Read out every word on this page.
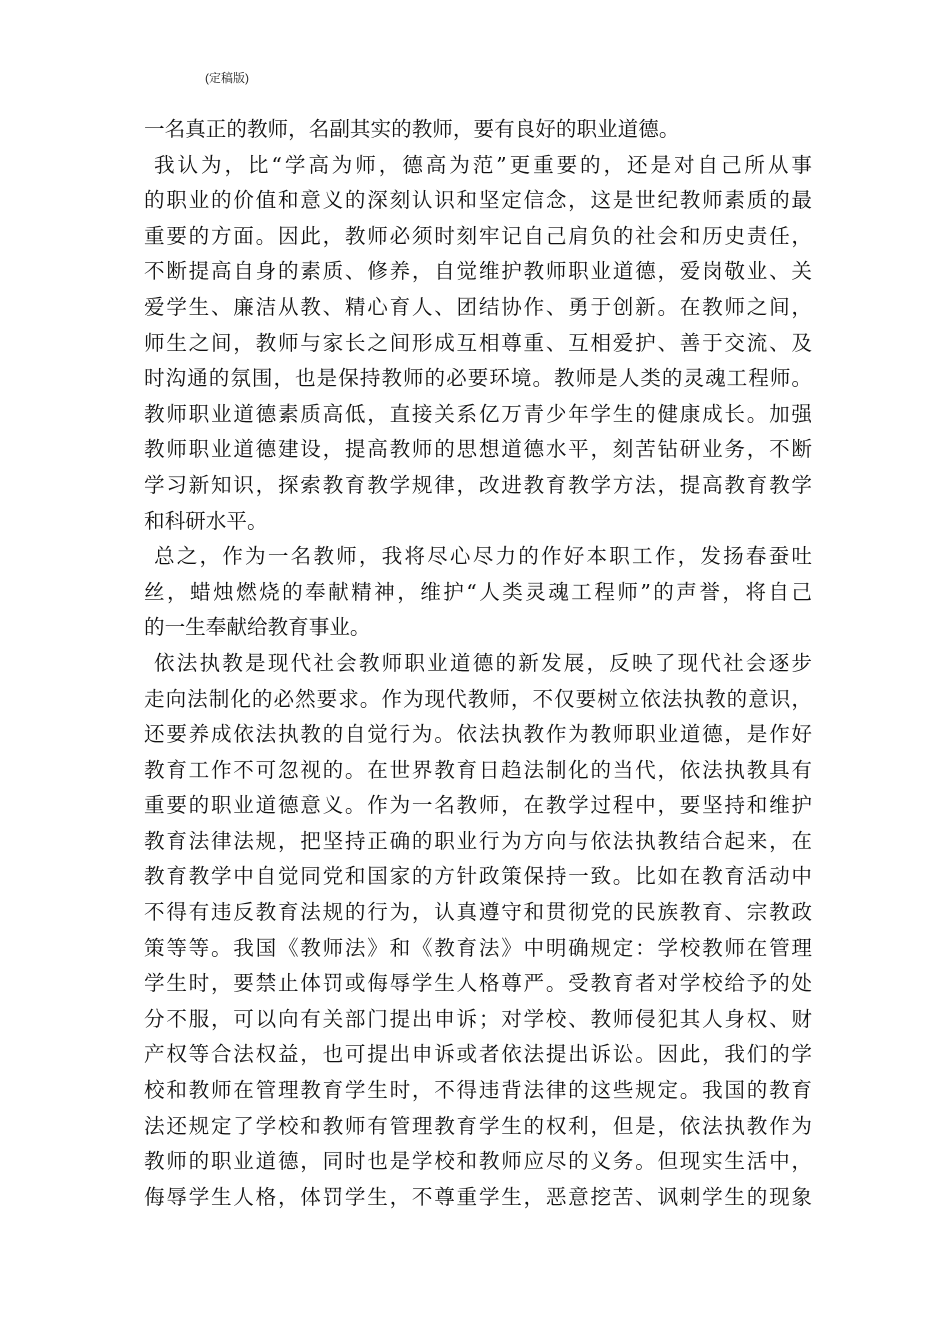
(定稿版)
一名真正的教师，名副其实的教师，要有良好的职业道德。
我认为，比“学高为师，德高为范”更重要的，还是对自己所从事
的职业的价值和意义的深刻认识和坚定信念，这是世纪教师素质的最
重要的方面。因此，教师必须时刻牢记自己肩负的社会和历史责任，
不断提高自身的素质、修养，自觉维护教师职业道德，爱岗敬业、关
爱学生、廉洁从教、精心育人、团结协作、勇于创新。在教师之间，
师生之间，教师与家长之间形成互相尊重、互相爱护、善于交流、及
时沟通的氛围，也是保持教师的必要环境。教师是人类的灵魂工程师。
教师职业道德素质高低，直接关系亿万青少年学生的健康成长。加强
教师职业道德建设，提高教师的思想道德水平，刻苦钻研业务，不断
学习新知识，探索教育教学规律，改进教育教学方法，提高教育教学
和科研水平。
总之，作为一名教师，我将尽心尽力的作好本职工作，发扬春蚕吐
丝，蜡烛燃烧的奉献精神，维护“人类灵魂工程师”的声誉，将自己
的一生奉献给教育事业。
依法执教是现代社会教师职业道德的新发展，反映了现代社会逐步
走向法制化的必然要求。作为现代教师，不仅要树立依法执教的意识，
还要养成依法执教的自觉行为。依法执教作为教师职业道德，是作好
教育工作不可忽视的。在世界教育日趋法制化的当代，依法执教具有
重要的职业道德意义。作为一名教师，在教学过程中，要坚持和维护
教育法律法规，把坚持正确的职业行为方向与依法执教结合起来，在
教育教学中自觉同党和国家的方针政策保持一致。比如在教育活动中
不得有违反教育法规的行为，认真遵守和贯彻党的民族教育、宗教政
策等等。我国《教师法》和《教育法》中明确规定：学校教师在管理
学生时，要禁止体罚或侮辱学生人格尊严。受教育者对学校给予的处
分不服，可以向有关部门提出申诉；对学校、教师侵犯其人身权、财
产权等合法权益，也可提出申诉或者依法提出诉讼。因此，我们的学
校和教师在管理教育学生时，不得违背法律的这些规定。我国的教育
法还规定了学校和教师有管理教育学生的权利，但是，依法执教作为
教师的职业道德，同时也是学校和教师应尽的义务。但现实生活中，
侮辱学生人格，体罚学生，不尊重学生，恶意挖苦、讽刺学生的现象
